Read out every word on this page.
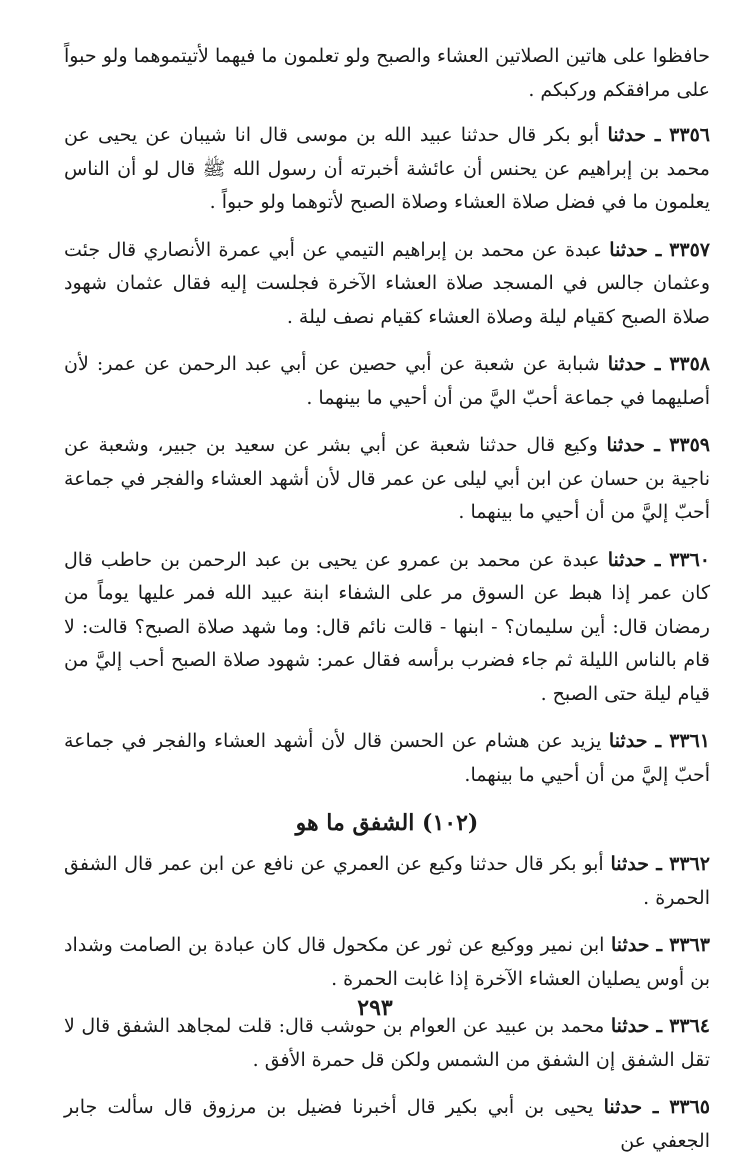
حافظوا على هاتين الصلاتين العشاء والصبح ولو تعلمون ما فيهما لأتيتموهما ولو حبواً على مرافقكم وركبكم .

٣٣٥٦ ـ حدثنا أبو بكر قال حدثنا عبيد الله بن موسى قال انا شيبان عن يحيى عن محمد بن إبراهيم عن يحنس أن عائشة أخبرته أن رسول الله ﷺ قال لو أن الناس يعلمون ما في فضل صلاة العشاء وصلاة الصبح لأتوهما ولو حبواً .

٣٣٥٧ ـ حدثنا عبدة عن محمد بن إبراهيم التيمي عن أبي عمرة الأنصاري قال جئت وعثمان جالس في المسجد صلاة العشاء الآخرة فجلست إليه فقال عثمان شهود صلاة الصبح كقيام ليلة وصلاة العشاء كقيام نصف ليلة .

٣٣٥٨ ـ حدثنا شبابة عن شعبة عن أبي حصين عن أبي عبد الرحمن عن عمر: لأن أصليهما في جماعة أحبّ اليَّ من أن أحيي ما بينهما .

٣٣٥٩ ـ حدثنا وكيع قال حدثنا شعبة عن أبي بشر عن سعيد بن جبير، وشعبة عن ناجية بن حسان عن ابن أبي ليلى عن عمر قال لأن أشهد العشاء والفجر في جماعة أحبّ إليَّ من أن أحيي ما بينهما .

٣٣٦٠ ـ حدثنا عبدة عن محمد بن عمرو عن يحيى بن عبد الرحمن بن حاطب قال كان عمر إذا هبط عن السوق مر على الشفاء ابنة عبيد الله فمر عليها يوماً من رمضان قال: أين سليمان؟ - ابنها - قالت نائم قال: وما شهد صلاة الصبح؟ قالت: لا قام بالناس الليلة ثم جاء فضرب برأسه فقال عمر: شهود صلاة الصبح أحب إليَّ من قيام ليلة حتى الصبح .

٣٣٦١ ـ حدثنا يزيد عن هشام عن الحسن قال لأن أشهد العشاء والفجر في جماعة أحبّ إليَّ من أن أحيي ما بينهما.

(١٠٢) الشفق ما هو

٣٣٦٢ ـ حدثنا أبو بكر قال حدثنا وكيع عن العمري عن نافع عن ابن عمر قال الشفق الحمرة .

٣٣٦٣ ـ حدثنا ابن نمير ووكيع عن ثور عن مكحول قال كان عبادة بن الصامت وشداد بن أوس يصليان العشاء الآخرة إذا غابت الحمرة .

٣٣٦٤ ـ حدثنا محمد بن عبيد عن العوام بن حوشب قال: قلت لمجاهد الشفق قال لا تقل الشفق إن الشفق من الشمس ولكن قل حمرة الأفق .

٣٣٦٥ ـ حدثنا يحيى بن أبي بكير قال أخبرنا فضيل بن مرزوق قال سألت جابر الجعفي عن

٢٩٣
